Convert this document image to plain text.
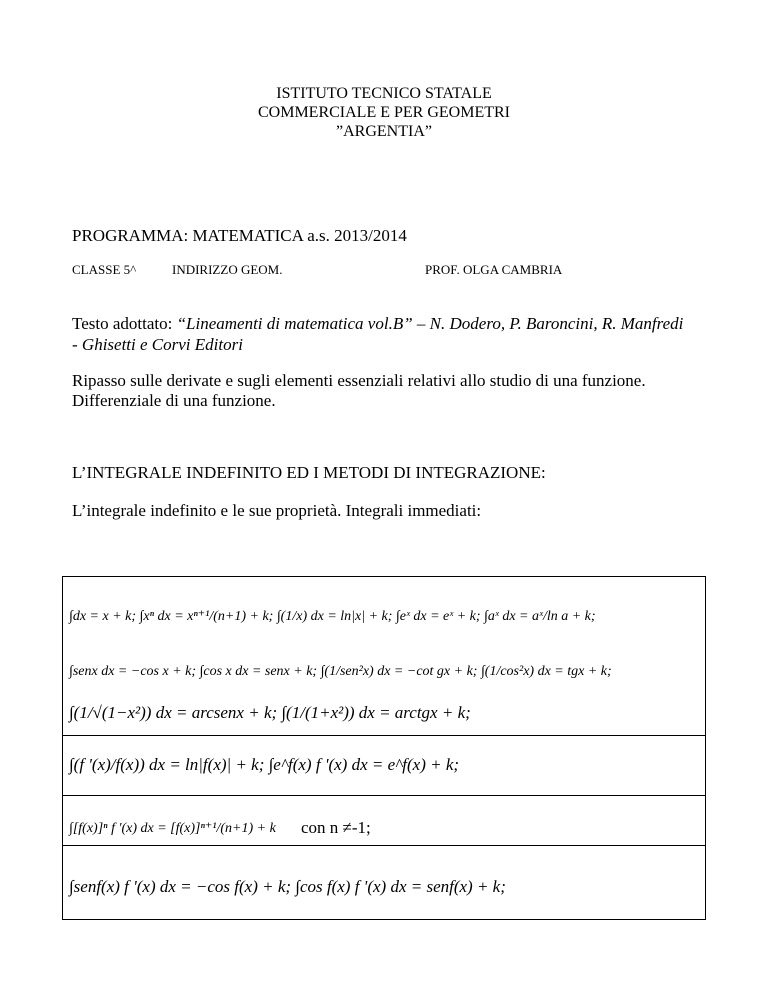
ISTITUTO TECNICO STATALE
COMMERCIALE E PER GEOMETRI
”ARGENTIA”
PROGRAMMA: MATEMATICA a.s. 2013/2014
CLASSE 5^	INDIRIZZO GEOM.	PROF. OLGA CAMBRIA
Testo adottato: “Lineamenti di matematica vol.B” – N. Dodero, P. Baroncini, R. Manfredi - Ghisetti e Corvi Editori
Ripasso sulle derivate e sugli elementi essenziali relativi allo studio di una funzione. Differenziale di una funzione.
L’INTEGRALE INDEFINITO ED I METODI DI INTEGRAZIONE:
L’integrale indefinito e le sue proprietà. Integrali immediati:
∫dx = x + k; ∫xⁿ dx = xⁿ⁺¹/(n+1) + k; ∫(1/x) dx = ln|x| + k; ∫eˣ dx = eˣ + k; ∫aˣ dx = aˣ/ln a + k;
∫senx dx = −cos x + k; ∫cos x dx = senx + k; ∫(1/sen²x) dx = −cot gx + k; ∫(1/cos²x) dx = tgx + k;
∫(1/√(1−x²)) dx = arcsenx + k; ∫(1/(1+x²)) dx = arctgx + k;
∫(f '(x)/f(x)) dx = ln|f(x)| + k; ∫e^f(x) f '(x) dx = e^f(x) + k;
∫[f(x)]ⁿ f '(x) dx = [f(x)]ⁿ⁺¹/(n+1) + k con n ≠-1;
∫senf(x) f '(x) dx = −cos f(x) + k; ∫cos f(x) f '(x) dx = senf(x) + k;
